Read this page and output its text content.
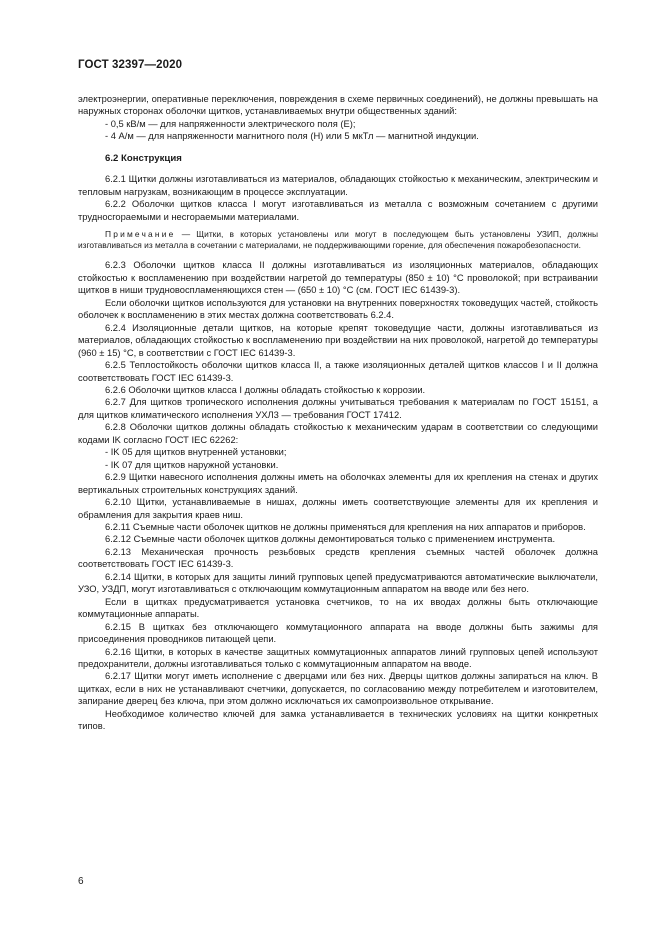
ГОСТ 32397—2020

электроэнергии, оперативные переключения, повреждения в схеме первичных соединений), не должны превышать на наружных сторонах оболочки щитков, устанавливаемых внутри общественных зданий:

- 0,5 кВ/м — для напряженности электрического поля (E);

- 4 А/м — для напряженности магнитного поля (H) или 5 мкТл — магнитной индукции.

6.2 Конструкция

6.2.1 Щитки должны изготавливаться из материалов, обладающих стойкостью к механическим, электрическим и тепловым нагрузкам, возникающим в процессе эксплуатации.

6.2.2 Оболочки щитков класса I могут изготавливаться из металла с возможным сочетанием с другими трудносгораемыми и несгораемыми материалами.

Примечание — Щитки, в которых установлены или могут в последующем быть установлены УЗИП, должны изготавливаться из металла в сочетании с материалами, не поддерживающими горение, для обеспечения пожаробезопасности.

6.2.3 Оболочки щитков класса II должны изготавливаться из изоляционных материалов, обладающих стойкостью к воспламенению при воздействии нагретой до температуры (850 ± 10) °С проволокой; при встраивании щитков в ниши трудновоспламеняющихся стен — (650 ± 10) °С (см. ГОСТ IEC 61439-3).

Если оболочки щитков используются для установки на внутренних поверхностях токоведущих частей, стойкость оболочек к воспламенению в этих местах должна соответствовать 6.2.4.

6.2.4 Изоляционные детали щитков, на которые крепят токоведущие части, должны изготавливаться из материалов, обладающих стойкостью к воспламенению при воздействии на них проволокой, нагретой до температуры (960 ± 15) °С, в соответствии с ГОСТ IEC 61439-3.

6.2.5 Теплостойкость оболочки щитков класса II, а также изоляционных деталей щитков классов I и II должна соответствовать ГОСТ IEC 61439-3.

6.2.6 Оболочки щитков класса I должны обладать стойкостью к коррозии.

6.2.7 Для щитков тропического исполнения должны учитываться требования к материалам по ГОСТ 15151, а для щитков климатического исполнения УХЛ3 — требования ГОСТ 17412.

6.2.8 Оболочки щитков должны обладать стойкостью к механическим ударам в соответствии со следующими кодами IK согласно ГОСТ IEC 62262:

- IK 05 для щитков внутренней установки;

- IK 07 для щитков наружной установки.

6.2.9 Щитки навесного исполнения должны иметь на оболочках элементы для их крепления на стенах и других вертикальных строительных конструкциях зданий.

6.2.10 Щитки, устанавливаемые в нишах, должны иметь соответствующие элементы для их крепления и обрамления для закрытия краев ниш.

6.2.11 Съемные части оболочек щитков не должны применяться для крепления на них аппаратов и приборов.

6.2.12 Съемные части оболочек щитков должны демонтироваться только с применением инструмента.

6.2.13 Механическая прочность резьбовых средств крепления съемных частей оболочек должна соответствовать ГОСТ IEC 61439-3.

6.2.14 Щитки, в которых для защиты линий групповых цепей предусматриваются автоматические выключатели, УЗО, УЗДП, могут изготавливаться с отключающим коммутационным аппаратом на вводе или без него.

Если в щитках предусматривается установка счетчиков, то на их вводах должны быть отключающие коммутационные аппараты.

6.2.15 В щитках без отключающего коммутационного аппарата на вводе должны быть зажимы для присоединения проводников питающей цепи.

6.2.16 Щитки, в которых в качестве защитных коммутационных аппаратов линий групповых цепей используют предохранители, должны изготавливаться только с коммутационным аппаратом на вводе.

6.2.17 Щитки могут иметь исполнение с дверцами или без них. Дверцы щитков должны запираться на ключ. В щитках, если в них не устанавливают счетчики, допускается, по согласованию между потребителем и изготовителем, запирание дверец без ключа, при этом должно исключаться их самопроизвольное открывание.

Необходимое количество ключей для замка устанавливается в технических условиях на щитки конкретных типов.

6
